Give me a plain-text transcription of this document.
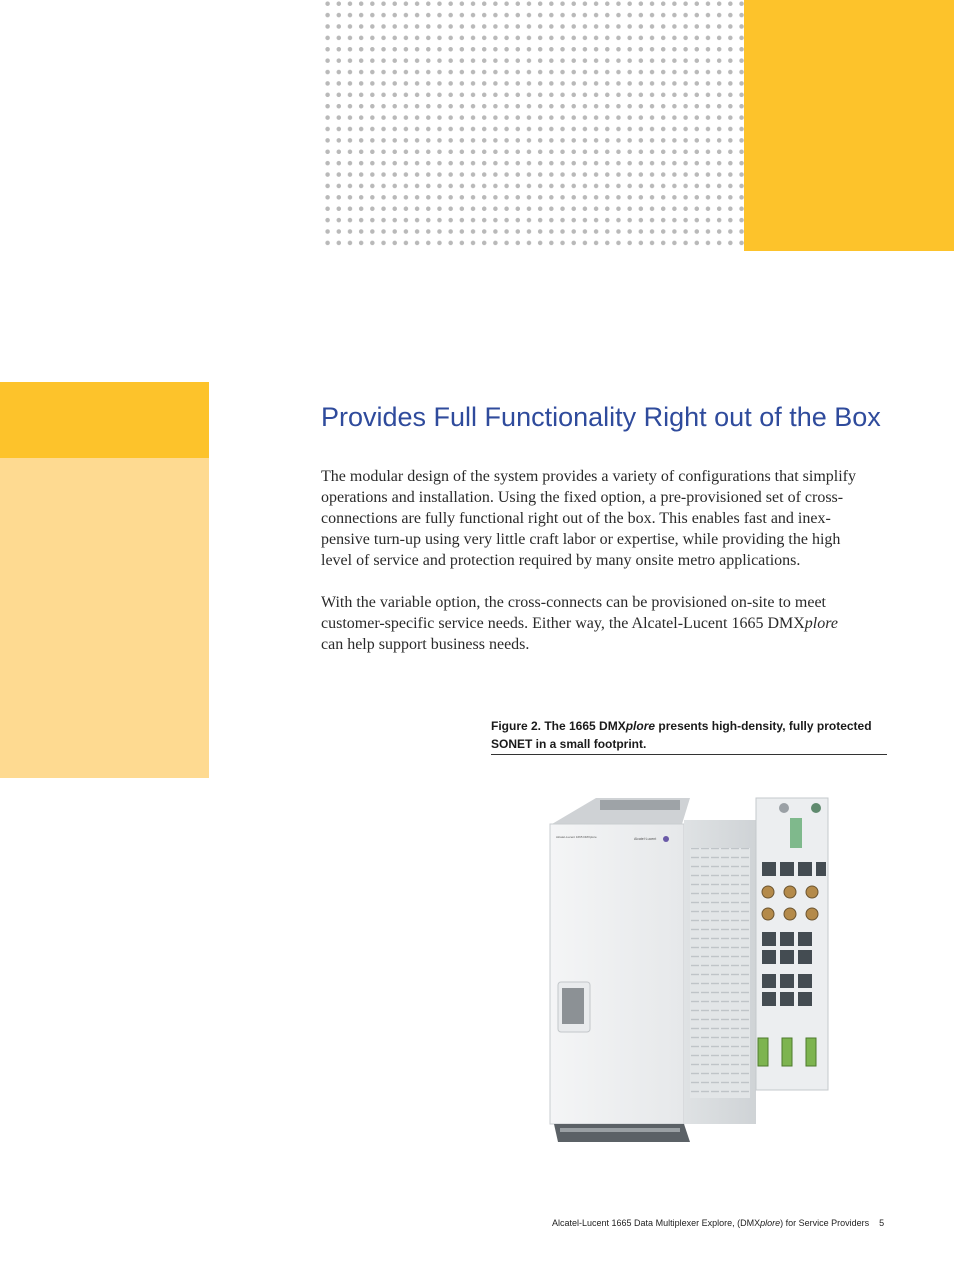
Provides Full Functionality Right out of the Box

The modular design of the system provides a variety of configurations that simplify
operations and installation. Using the fixed option, a pre-provisioned set of cross-
connections are fully functional right out of the box. This enables fast and inex-
pensive turn-up using very little craft labor or expertise, while providing the high
level of service and protection required by many onsite metro applications.

With the variable option, the cross-connects can be provisioned on-site to meet
customer-specific service needs. Either way, the Alcatel-Lucent 1665 DMXplore
can help support business needs.

Figure 2. The 1665 DMXplore presents high-density, fully protected
SONET in a small footprint.
Alcatel-Lucent 1665 DMXplore	Alcatel·Lucent
Alcatel-Lucent 1665 Data Multiplexer Explore, (DMXplore) for Service Providers 5
